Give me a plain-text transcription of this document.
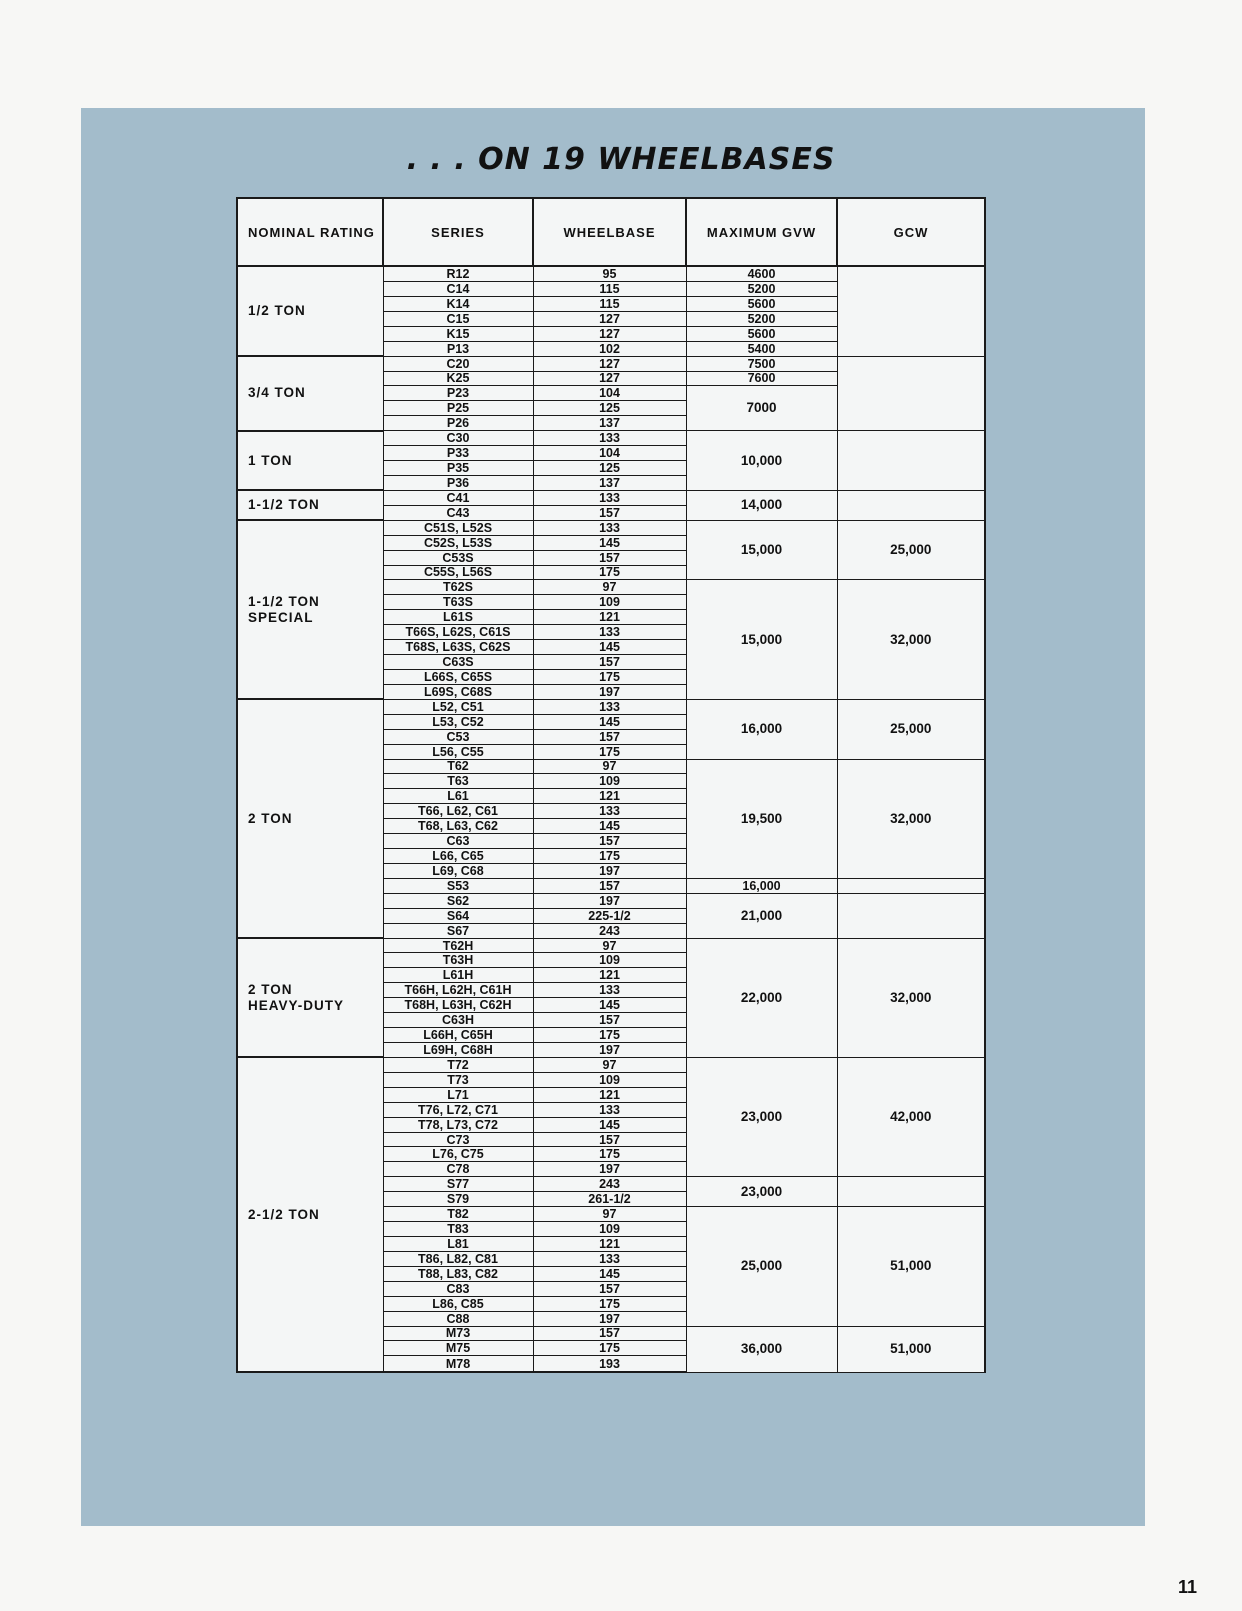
. . . ON 19 WHEELBASES
NOMINAL RATING	SERIES	WHEELBASE	MAXIMUM GVW	GCW
1/2 TON	R12	95	4600	
	C14	115	5200	
	K14	115	5600	
	C15	127	5200	
	K15	127	5600	
	P13	102	5400	
3/4 TON	C20	127	7500	
	K25	127	7600	
	P23	104	7000	
	P25	125		
	P26	137		
1 TON	C30	133	10,000	
	P33	104		
	P35	125		
	P36	137		
1-1/2 TON	C41	133	14,000	
	C43	157		
1-1/2 TON
SPECIAL	C51S, L52S	133	15,000	25,000
	C52S, L53S	145		
	C53S	157		
	C55S, L56S	175		
	T62S	97	15,000	32,000
	T63S	109		
	L61S	121		
	T66S, L62S, C61S	133		
	T68S, L63S, C62S	145		
	C63S	157		
	L66S, C65S	175		
	L69S, C68S	197		
2 TON	L52, C51	133	16,000	25,000
	L53, C52	145		
	C53	157		
	L56, C55	175		
	T62	97	19,500	32,000
	T63	109		
	L61	121		
	T66, L62, C61	133		
	T68, L63, C62	145		
	C63	157		
	L66, C65	175		
	L69, C68	197		
	S53	157	16,000	
	S62	197	21,000	
	S64	225-1/2		
	S67	243		
2 TON
HEAVY-DUTY	T62H	97	22,000	32,000
	T63H	109		
	L61H	121		
	T66H, L62H, C61H	133		
	T68H, L63H, C62H	145		
	C63H	157		
	L66H, C65H	175		
	L69H, C68H	197		
2-1/2 TON	T72	97	23,000	42,000
	T73	109		
	L71	121		
	T76, L72, C71	133		
	T78, L73, C72	145		
	C73	157		
	L76, C75	175		
	C78	197		
	S77	243	23,000	
	S79	261-1/2		
	T82	97	25,000	51,000
	T83	109		
	L81	121		
	T86, L82, C81	133		
	T88, L83, C82	145		
	C83	157		
	L86, C85	175		
	C88	197		
	M73	157	36,000	51,000
	M75	175		
	M78	193		
11
